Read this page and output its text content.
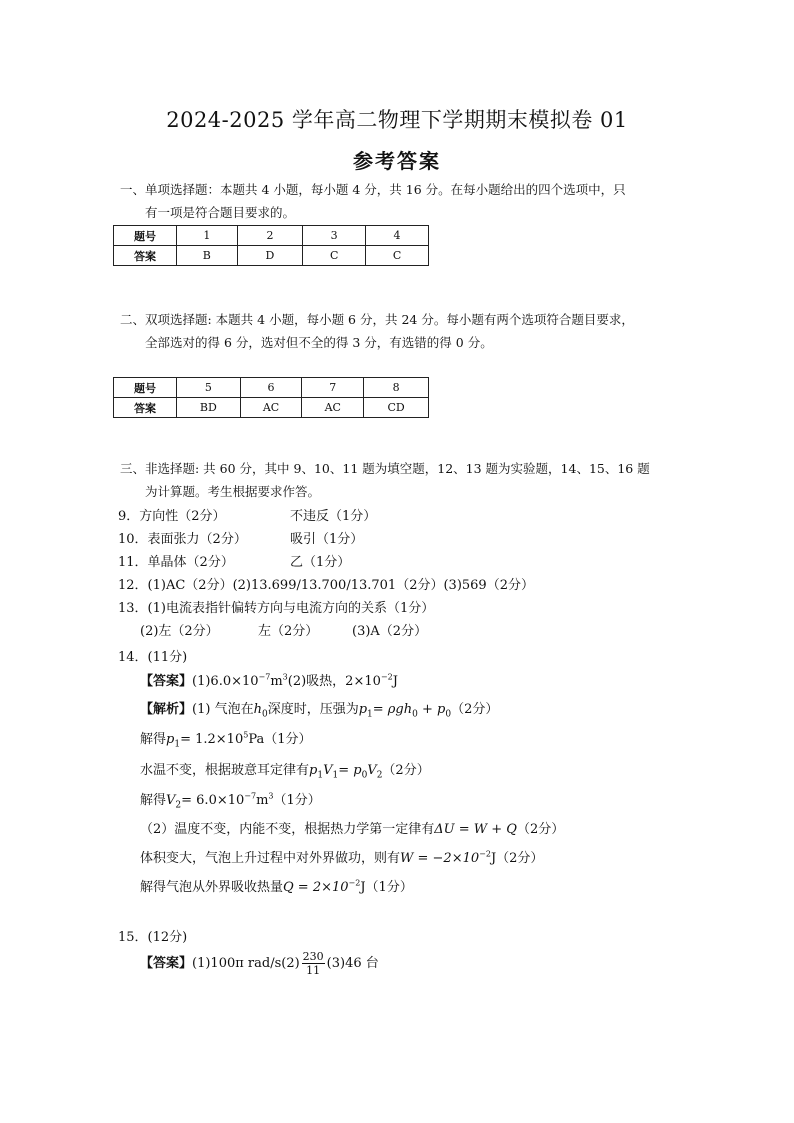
2024-2025 学年高二物理下学期期末模拟卷 01
参考答案
一、单项选择题：本题共 4 小题，每小题 4 分，共 16 分。在每小题给出的四个选项中，只
有一项是符合题目要求的。
题号	1	2	3	4
答案	B	D	C	C
二、双项选择题: 本题共 4 小题，每小题 6 分，共 24 分。每小题有两个选项符合题目要求，
全部选对的得 6 分，选对但不全的得 3 分，有选错的得 0 分。
题号	5	6	7	8
答案	BD	AC	AC	CD
三、非选择题: 共 60 分，其中 9、10、11 题为填空题，12、13 题为实验题，14、15、16 题
为计算题。考生根据要求作答。
9．方向性（2分）	不违反（1分）
10．表面张力（2分）	吸引（1分）
11．单晶体（2分）	乙（1分）
12．(1)AC（2分）(2)13.699/13.700/13.701（2分）(3)569（2分）
13．(1)电流表指针偏转方向与电流方向的关系（1分）
(2)左（2分）	左（2分）	(3)A（2分）
14．(11分)
【答案】$(1)6.0\times 10^{-7}m^3(2)$吸热，$2\times 10^{-2}J$
【解析】(1) 气泡在$h_0$深度时，压强为$p_1= \rho gh_0 + p_0(2$分）
解得$p_1= 1.2\times 10^5Pa(1$分）
水温不变，根据玻意耳定律有$p_1V_1= p_0V_2(2$分）
解得$V_2= 6.0\times 10^{-7}m^3(1$分）
（2）温度不变，内能不变，根据热力学第一定律有ΔU = W + Q（2分）
体积变大，气泡上升过程中对外界做功，则有$W = -2\times 10^{-2}J(2$分）
解得气泡从外界吸收热量$Q = 2\times 10^{-2}J(1$分）
15．(12分)
【答案】(1)100π $rad/s(2) \frac{230}{11} (3)46$ 台
